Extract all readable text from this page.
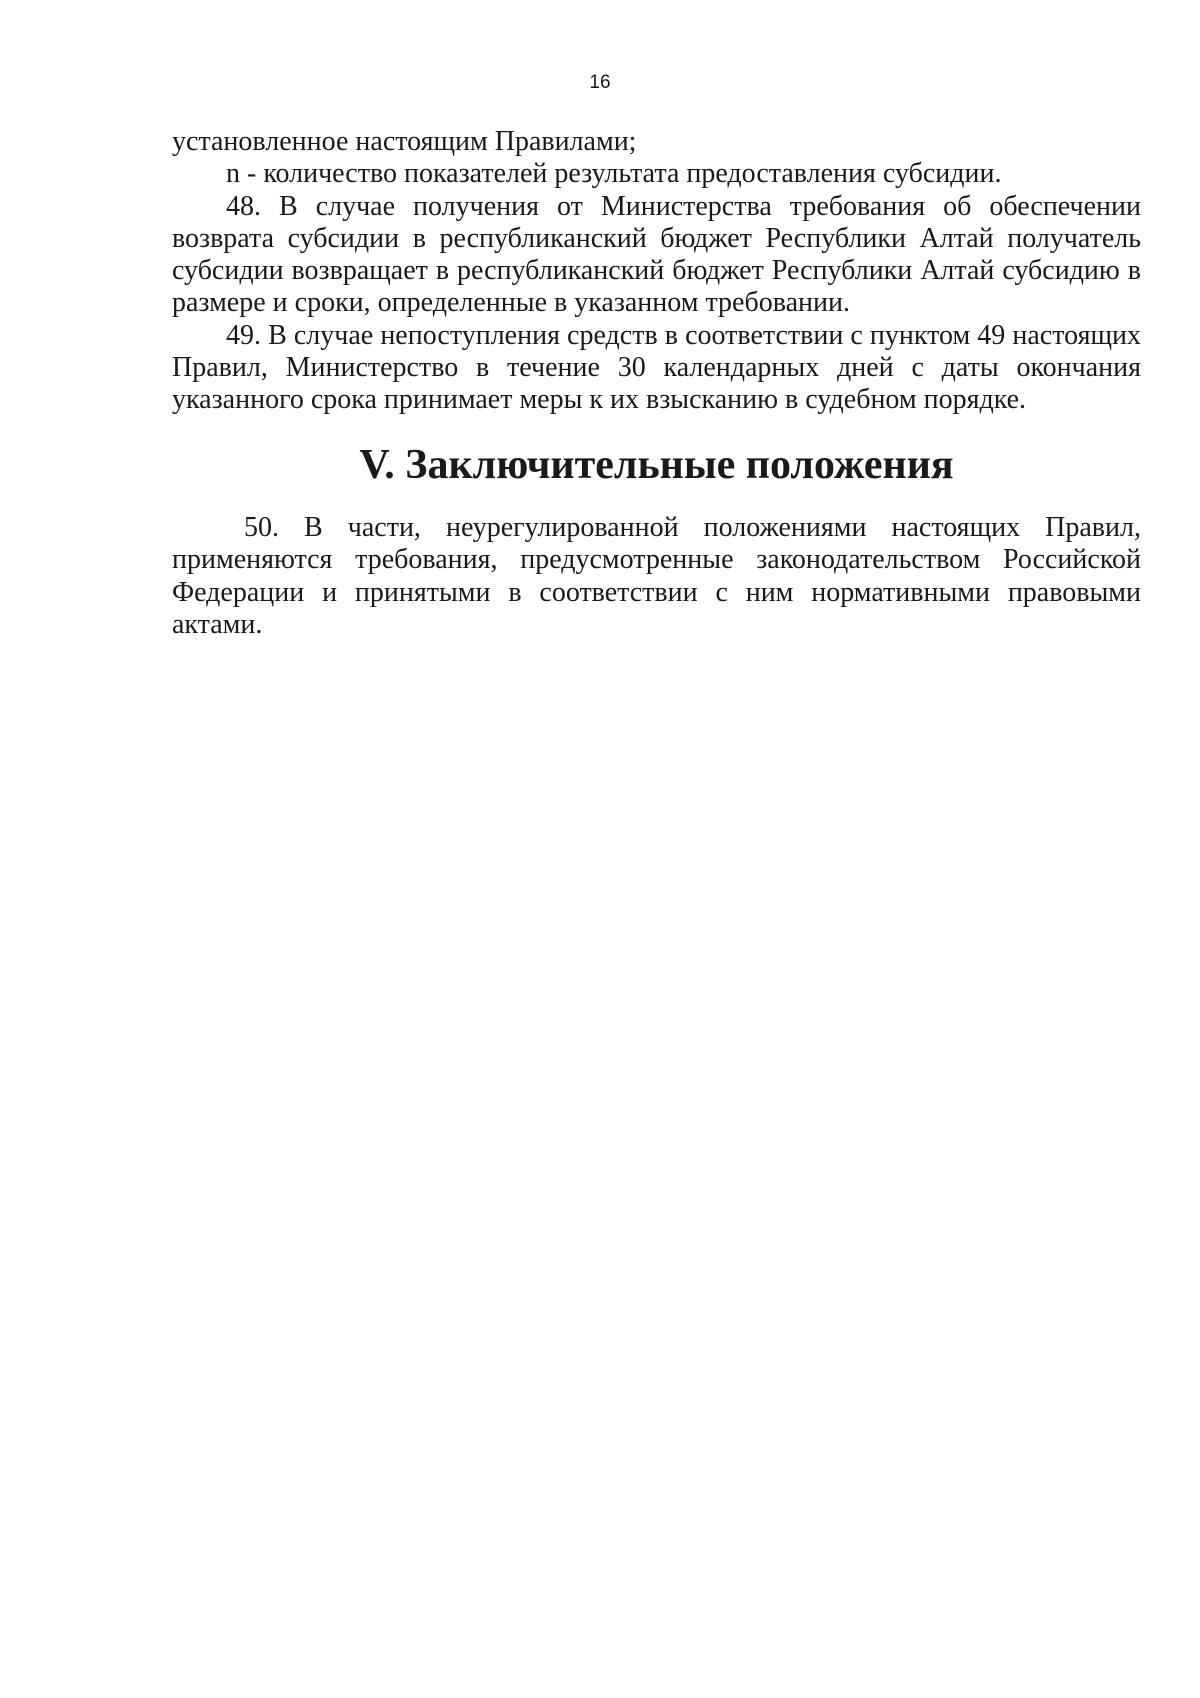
16

установленное настоящим Правилами;

n - количество показателей результата предоставления субсидии.

48. В случае получения от Министерства требования об обеспечении возврата субсидии в республиканский бюджет Республики Алтай получатель субсидии возвращает в республиканский бюджет Республики Алтай субсидию в размере и сроки, определенные в указанном требовании.

49. В случае непоступления средств в соответствии с пунктом 49 настоящих Правил, Министерство в течение 30 календарных дней с даты окончания указанного срока принимает меры к их взысканию в судебном порядке.

V. Заключительные положения

50. В части, неурегулированной положениями настоящих Правил, применяются требования, предусмотренные законодательством Российской Федерации и принятыми в соответствии с ним нормативными правовыми актами.
